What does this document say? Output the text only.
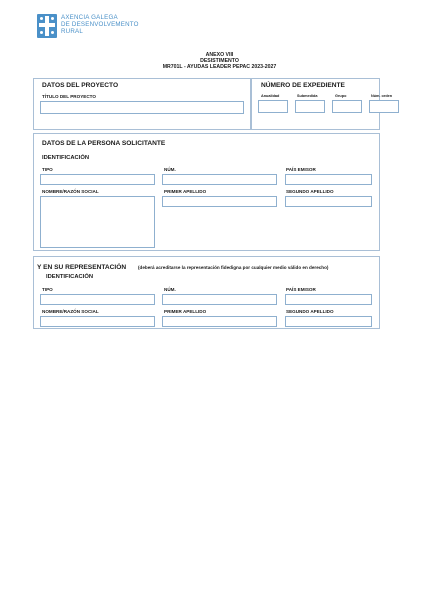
AXENCIA GALEGA
DE DESENVOLVEMENTO
RURAL
ANEXO VIII
DESISTIMENTO
MR701L - AYUDAS LEADER PEPAC 2023-2027
DATOS DEL PROYECTO
TÍTULO DEL PROYECTO
NÚMERO DE EXPEDIENTE
Anualidad	Submedida	Grupo	Núm. orden
DATOS DE LA PERSONA SOLICITANTE
IDENTIFICACIÓN
TIPO	NÚM.	PAÍS EMISOR
NOMBRE/RAZÓN SOCIAL	PRIMER APELLIDO	SEGUNDO APELLIDO
Y EN SU REPRESENTACIÓN	(deberá acreditarse la representación fidedigna por cualquier medio válido en derecho)
IDENTIFICACIÓN
TIPO	NÚM.	PAÍS EMISOR
NOMBRE/RAZÓN SOCIAL	PRIMER APELLIDO	SEGUNDO APELLIDO
